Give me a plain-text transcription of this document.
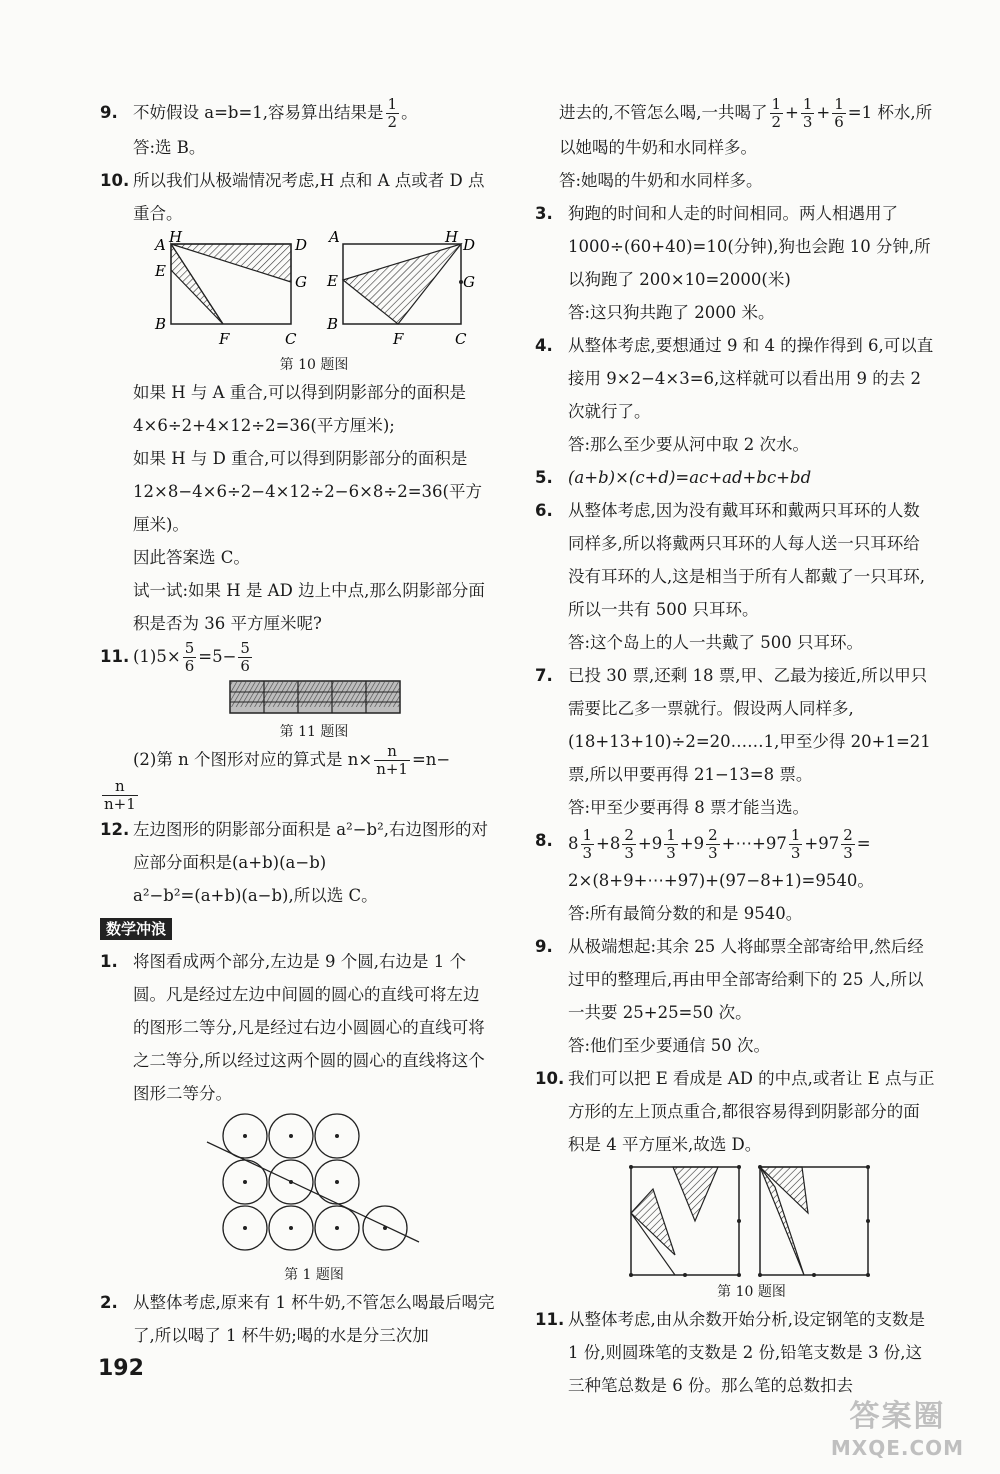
9. 不妨假设 a=b=1,容易算出结果是 $\frac{1}{2}$ 。

答:选 B。

10. 所以我们从极端情况考虑,H 点和 A 点或者 D 点重合。

A H	D
E
G
B
F	C
A	H D
E	G
B
F	C
第 10 题图

如果 H 与 A 重合,可以得到阴影部分的面积是 4×6÷2+4×12÷2=36(平方厘米);

如果 H 与 D 重合,可以得到阴影部分的面积是 12×8−4×6÷2−4×12÷2−6×8÷2=36(平方厘米)。

因此答案选 C。

试一试:如果 H 是 AD 边上中点,那么阴影部分面积是否为 36 平方厘米呢?

11. $(1)5\times \frac{5}{6} =5- \frac{5}{6}$

第 11 题图

(2)第 n 个图形对应的算式是 $n\times \frac{n}{n+1} =n-$

$\frac{n}{n+1}$

12. 左边图形的阴影部分面积是 a²−b²,右边图形的对应部分面积是(a+b)(a−b)

a²−b²=(a+b)(a−b),所以选 C。

数学冲浪
1. 将图看成两个部分,左边是 9 个圆,右边是 1 个圆。凡是经过左边中间圆的圆心的直线可将左边的图形二等分,凡是经过右边小圆圆心的直线可将之二等分,所以经过这两个圆的圆心的直线将这个图形二等分。

第 1 题图
2. 从整体考虑,原来有 1 杯牛奶,不管怎么喝最后喝完了,所以喝了 1 杯牛奶;喝的水是分三次加

进去的,不管怎么喝,一共喝了 $\frac{1}{2} + \frac{1}{3} + \frac{1}{6} =1$ 杯水,所以她喝的牛奶和水同样多。

答:她喝的牛奶和水同样多。

3. 狗跑的时间和人走的时间相同。两人相遇用了 1000÷(60+40)=10(分钟),狗也会跑 10 分钟,所以狗跑了 200×10=2000(米)

答:这只狗共跑了 2000 米。

4. 从整体考虑,要想通过 9 和 4 的操作得到 6,可以直接用 9×2−4×3=6,这样就可以看出用 9 的去 2 次就行了。

答:那么至少要从河中取 2 次水。

5. (a+b)×(c+d)=ac+ad+bc+bd

6. 从整体考虑,因为没有戴耳环和戴两只耳环的人数同样多,所以将戴两只耳环的人每人送一只耳环给没有耳环的人,这是相当于所有人都戴了一只耳环,所以一共有 500 只耳环。

答:这个岛上的人一共戴了 500 只耳环。

7. 已投 30 票,还剩 18 票,甲、乙最为接近,所以甲只需要比乙多一票就行。假设两人同样多,(18+13+10)÷2=20……1,甲至少得 20+1=21 票,所以甲要再得 21−13=8 票。

答:甲至少要再得 8 票才能当选。

8. $8 \frac{1}{3} +8 \frac{2}{3} +9 \frac{1}{3} +9 \frac{2}{3}$ +⋯+97 $\frac{1}{3} +97 \frac{2}{3}$ =

2×(8+9+⋯+97)+(97−8+1)=9540。

答:所有最简分数的和是 9540。

9. 从极端想起:其余 25 人将邮票全部寄给甲,然后经过甲的整理后,再由甲全部寄给剩下的 25 人,所以一共要 25+25=50 次。

答:他们至少要通信 50 次。

10. 我们可以把 E 看成是 AD 的中点,或者让 E 点与正方形的左上顶点重合,都很容易得到阴影部分的面积是 4 平方厘米,故选 D。

第 10 题图
11. 从整体考虑,由从余数开始分析,设定钢笔的支数是 1 份,则圆珠笔的支数是 2 份,铅笔支数是 3 份,这三种笔总数是 6 份。那么笔的总数扣去

192
答案圈
MXQE.COM
